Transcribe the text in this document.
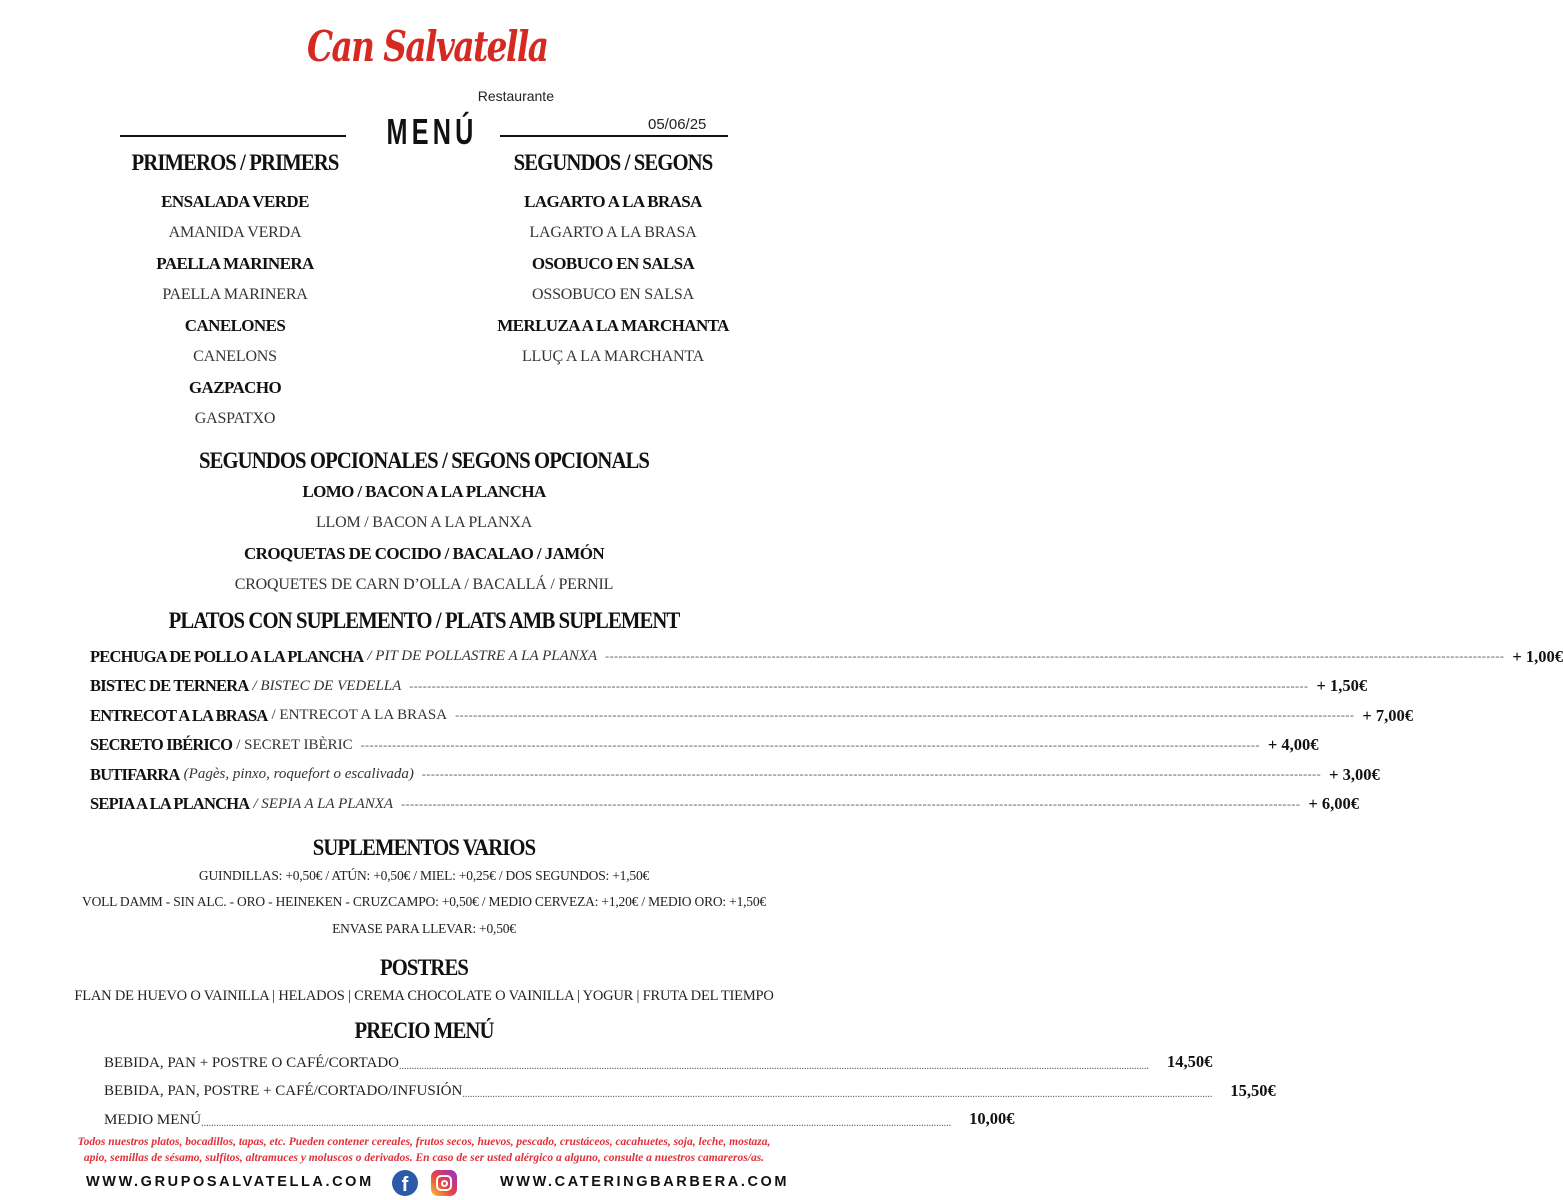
Can Salvatella
Restaurante
MENÚ	05/06/25
PRIMEROS / PRIMERS
ENSALADA VERDE
AMANIDA VERDA
PAELLA MARINERA
PAELLA MARINERA
CANELONES
CANELONS
GAZPACHO
GASPATXO
SEGUNDOS / SEGONS
LAGARTO A LA BRASA
LAGARTO A LA BRASA
OSOBUCO EN SALSA
OSSOBUCO EN SALSA
MERLUZA A LA MARCHANTA
LLUÇ A LA MARCHANTA
SEGUNDOS OPCIONALES / SEGONS OPCIONALS
LOMO / BACON A LA PLANCHA
LLOM / BACON A LA PLANXA
CROQUETAS DE COCIDO / BACALAO / JAMÓN
CROQUETES DE CARN D’OLLA / BACALLÁ / PERNIL
PLATOS CON SUPLEMENTO / PLATS AMB SUPLEMENT
PECHUGA DE POLLO A LA PLANCHA / PIT DE POLLASTRE A LA PLANXA -------------------------------------------------------------------------------------------------------------------------------------------------------------------------------------------------------- + 1,00€
BISTEC DE TERNERA / BISTEC DE VEDELLA -------------------------------------------------------------------------------------------------------------------------------------------------------------------------------------------------------- + 1,50€
ENTRECOT A LA BRASA / ENTRECOT A LA BRASA -------------------------------------------------------------------------------------------------------------------------------------------------------------------------------------------------------- + 7,00€
SECRETO IBÉRICO / SECRET IBÈRIC -------------------------------------------------------------------------------------------------------------------------------------------------------------------------------------------------------- + 4,00€
BUTIFARRA (Pagès, pinxo, roquefort o escalivada) -------------------------------------------------------------------------------------------------------------------------------------------------------------------------------------------------------- + 3,00€
SEPIA A LA PLANCHA / SEPIA A LA PLANXA -------------------------------------------------------------------------------------------------------------------------------------------------------------------------------------------------------- + 6,00€
SUPLEMENTOS VARIOS
GUINDILLAS: +0,50€ / ATÚN: +0,50€ / MIEL: +0,25€ / DOS SEGUNDOS: +1,50€
VOLL DAMM - SIN ALC. - ORO - HEINEKEN - CRUZCAMPO: +0,50€ / MEDIO CERVEZA: +1,20€ / MEDIO ORO: +1,50€
ENVASE PARA LLEVAR: +0,50€
POSTRES
FLAN DE HUEVO O VAINILLA | HELADOS | CREMA CHOCOLATE O VAINILLA | YOGUR | FRUTA DEL TIEMPO
PRECIO MENÚ
BEBIDA, PAN + POSTRE O CAFÉ/CORTADO ............................................................................................................................................................................................................................................................................................................ 14,50€
BEBIDA, PAN, POSTRE + CAFÉ/CORTADO/INFUSIÓN ............................................................................................................................................................................................................................................................................................................ 15,50€
MEDIO MENÚ ............................................................................................................................................................................................................................................................................................................ 10,00€
Todos nuestros platos, bocadillos, tapas, etc. Pueden contener cereales, frutos secos, huevos, pescado, crustáceos, cacahuetes, soja, leche, mostaza,
apio, semillas de sésamo, sulfitos, altramuces y moluscos o derivados. En caso de ser usted alérgico a alguno, consulte a nuestros camareros/as.
WWW.GRUPOSALVATELLA.COM	f	WWW.CATERINGBARBERA.COM
